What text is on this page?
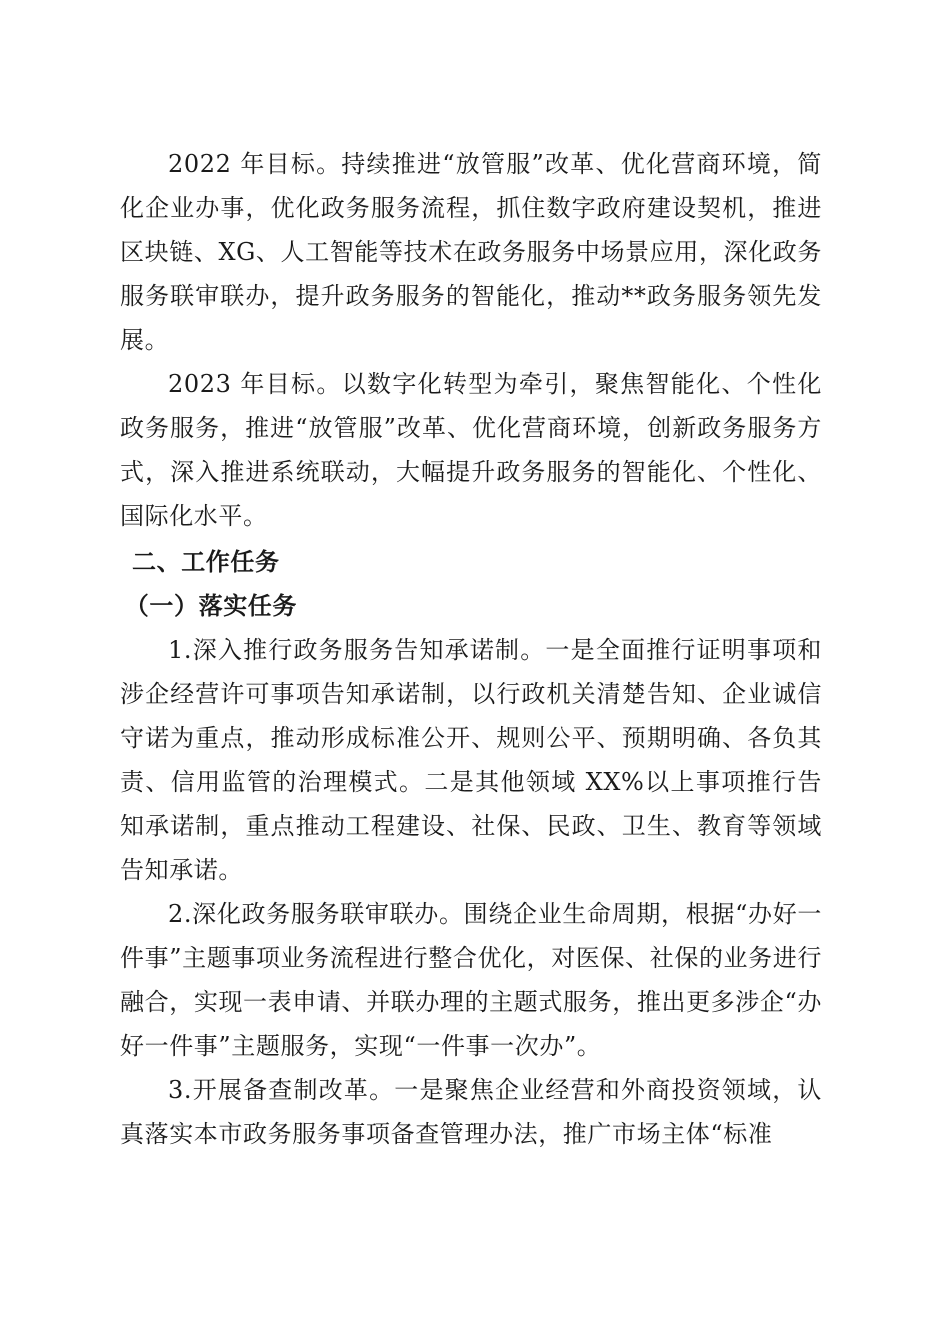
2022 年目标。持续推进“放管服”改革、优化营商环境，简化企业办事，优化政务服务流程，抓住数字政府建设契机，推进区块链、XG、人工智能等技术在政务服务中场景应用，深化政务服务联审联办，提升政务服务的智能化，推动**政务服务领先发展。

2023 年目标。以数字化转型为牵引，聚焦智能化、个性化政务服务，推进“放管服”改革、优化营商环境，创新政务服务方式，深入推进系统联动，大幅提升政务服务的智能化、个性化、国际化水平。

二、工作任务

（一）落实任务

1.深入推行政务服务告知承诺制。一是全面推行证明事项和涉企经营许可事项告知承诺制，以行政机关清楚告知、企业诚信守诺为重点，推动形成标准公开、规则公平、预期明确、各负其责、信用监管的治理模式。二是其他领域 XX%以上事项推行告知承诺制，重点推动工程建设、社保、民政、卫生、教育等领域告知承诺。

2.深化政务服务联审联办。围绕企业生命周期，根据“办好一件事”主题事项业务流程进行整合优化，对医保、社保的业务进行融合，实现一表申请、并联办理的主题式服务，推出更多涉企“办好一件事”主题服务，实现“一件事一次办”。

3.开展备查制改革。一是聚焦企业经营和外商投资领域，认真落实本市政务服务事项备查管理办法，推广市场主体“标准
